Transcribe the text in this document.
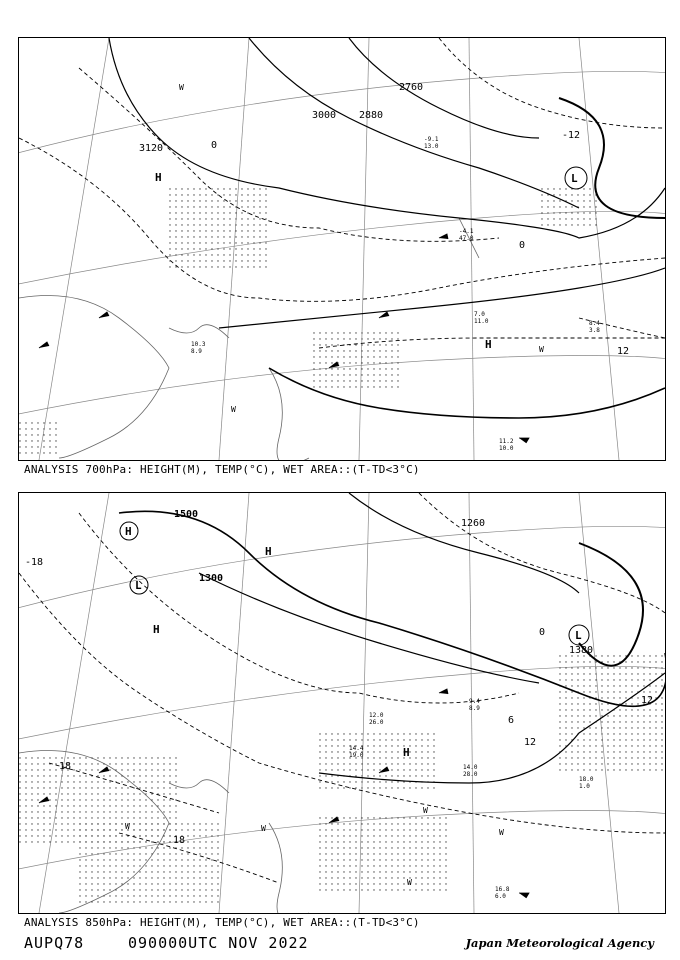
11.2 10.0
8.4 3.8
7.0 11.0
10.3 8.9
-4.1 47.0
-9.1 13.0
3120
3000 2880
2760
0
-12
0
12
H
H
L
W
W
W
ANALYSIS 700hPa: HEIGHT(M), TEMP(°C), WET AREA::(T-TD<3°C)
16.8 6.0
14.0 28.0
14.4 19.0
18.0 1.0
12.0 26.0
9.4 8.9
1500
1300
1380
1260
-18
18
18
12
6
0
12
H
L
H
H
H
L
W	W
W
W
W
ANALYSIS 850hPa: HEIGHT(M), TEMP(°C), WET AREA::(T-TD<3°C)
AUPQ78	090000UTC NOV 2022	Japan Meteorological Agency
